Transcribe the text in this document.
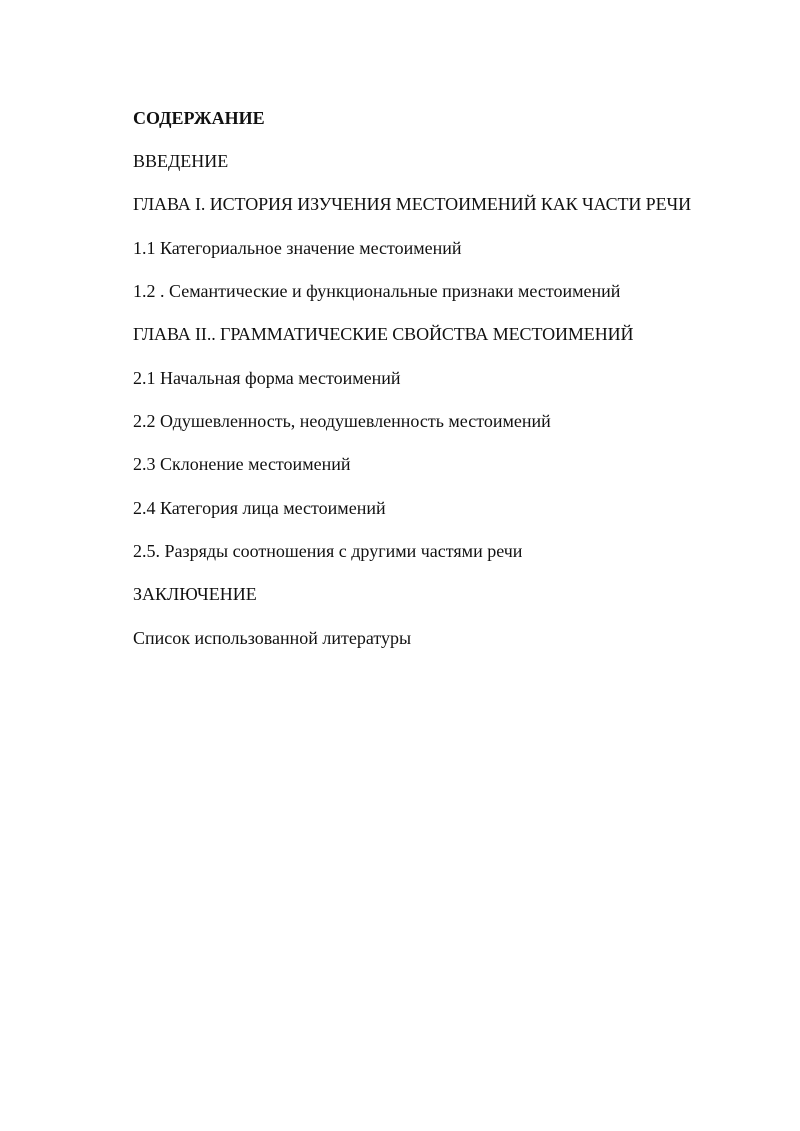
СОДЕРЖАНИЕ
ВВЕДЕНИЕ
ГЛАВА I. ИСТОРИЯ ИЗУЧЕНИЯ МЕСТОИМЕНИЙ КАК ЧАСТИ РЕЧИ
1.1 Категориальное значение местоимений
1.2 . Семантические и функциональные признаки местоимений
ГЛАВА II.. ГРАММАТИЧЕСКИЕ СВОЙСТВА МЕСТОИМЕНИЙ
2.1 Начальная форма местоимений
2.2 Одушевленность, неодушевленность местоимений
2.3 Склонение местоимений
2.4 Категория лица местоимений
2.5. Разряды соотношения с другими частями речи
ЗАКЛЮЧЕНИЕ
Список использованной литературы
